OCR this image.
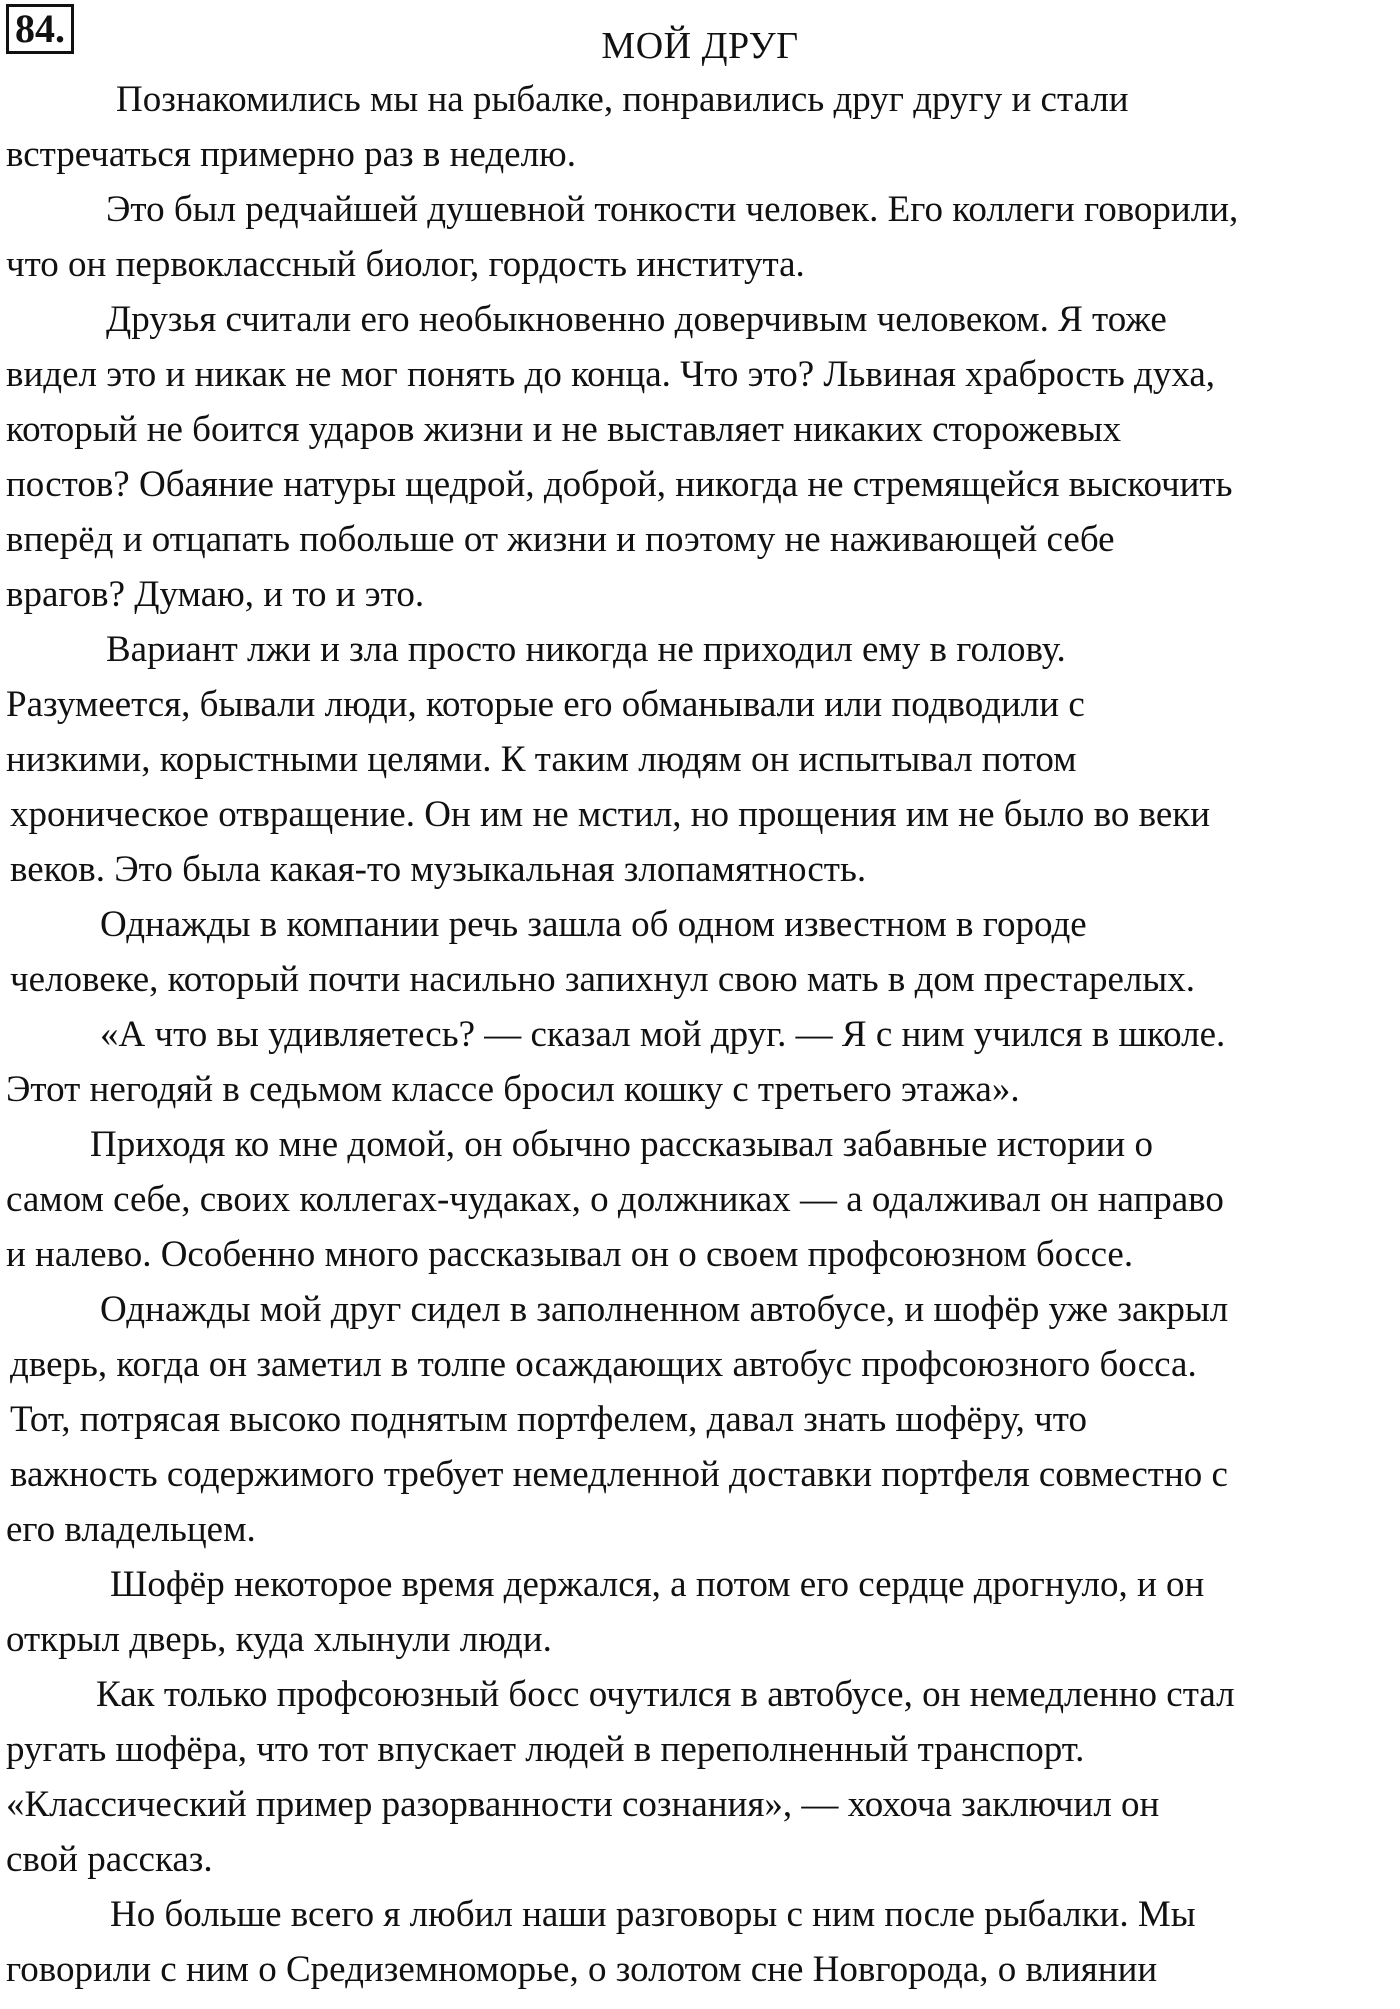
84.	МОЙ ДРУГ
Познакомились мы на рыбалке, понравились друг другу и стали
встречаться примерно раз в неделю.
Это был редчайшей душевной тонкости человек. Его коллеги говорили,
что он первоклассный биолог, гордость института.
Друзья считали его необыкновенно доверчивым человеком. Я тоже
видел это и никак не мог понять до конца. Что это? Львиная храбрость духа,
который не боится ударов жизни и не выставляет никаких сторожевых
постов? Обаяние натуры щедрой, доброй, никогда не стремящейся выскочить
вперёд и отцапать побольше от жизни и поэтому не наживающей себе
врагов? Думаю, и то и это.
Вариант лжи и зла просто никогда не приходил ему в голову.
Разумеется, бывали люди, которые его обманывали или подводили с
низкими, корыстными целями. К таким людям он испытывал потом
хроническое отвращение. Он им не мстил, но прощения им не было во веки
веков. Это была какая-то музыкальная злопамятность.
Однажды в компании речь зашла об одном известном в городе
человеке, который почти насильно запихнул свою мать в дом престарелых.
«А что вы удивляетесь? — сказал мой друг. — Я с ним учился в школе.
Этот негодяй в седьмом классе бросил кошку с третьего этажа».
Приходя ко мне домой, он обычно рассказывал забавные истории о
самом себе, своих коллегах-чудаках, о должниках — а одалживал он направо
и налево. Особенно много рассказывал он о своем профсоюзном боссе.
Однажды мой друг сидел в заполненном автобусе, и шофёр уже закрыл
дверь, когда он заметил в толпе осаждающих автобус профсоюзного босса.
Тот, потрясая высоко поднятым портфелем, давал знать шофёру, что
важность содержимого требует немедленной доставки портфеля совместно с
его владельцем.
Шофёр некоторое время держался, а потом его сердце дрогнуло, и он
открыл дверь, куда хлынули люди.
Как только профсоюзный босс очутился в автобусе, он немедленно стал
ругать шофёра, что тот впускает людей в переполненный транспорт.
«Классический пример разорванности сознания», — хохоча заключил он
свой рассказ.
Но больше всего я любил наши разговоры с ним после рыбалки. Мы
говорили с ним о Средиземноморье, о золотом сне Новгорода, о влиянии
